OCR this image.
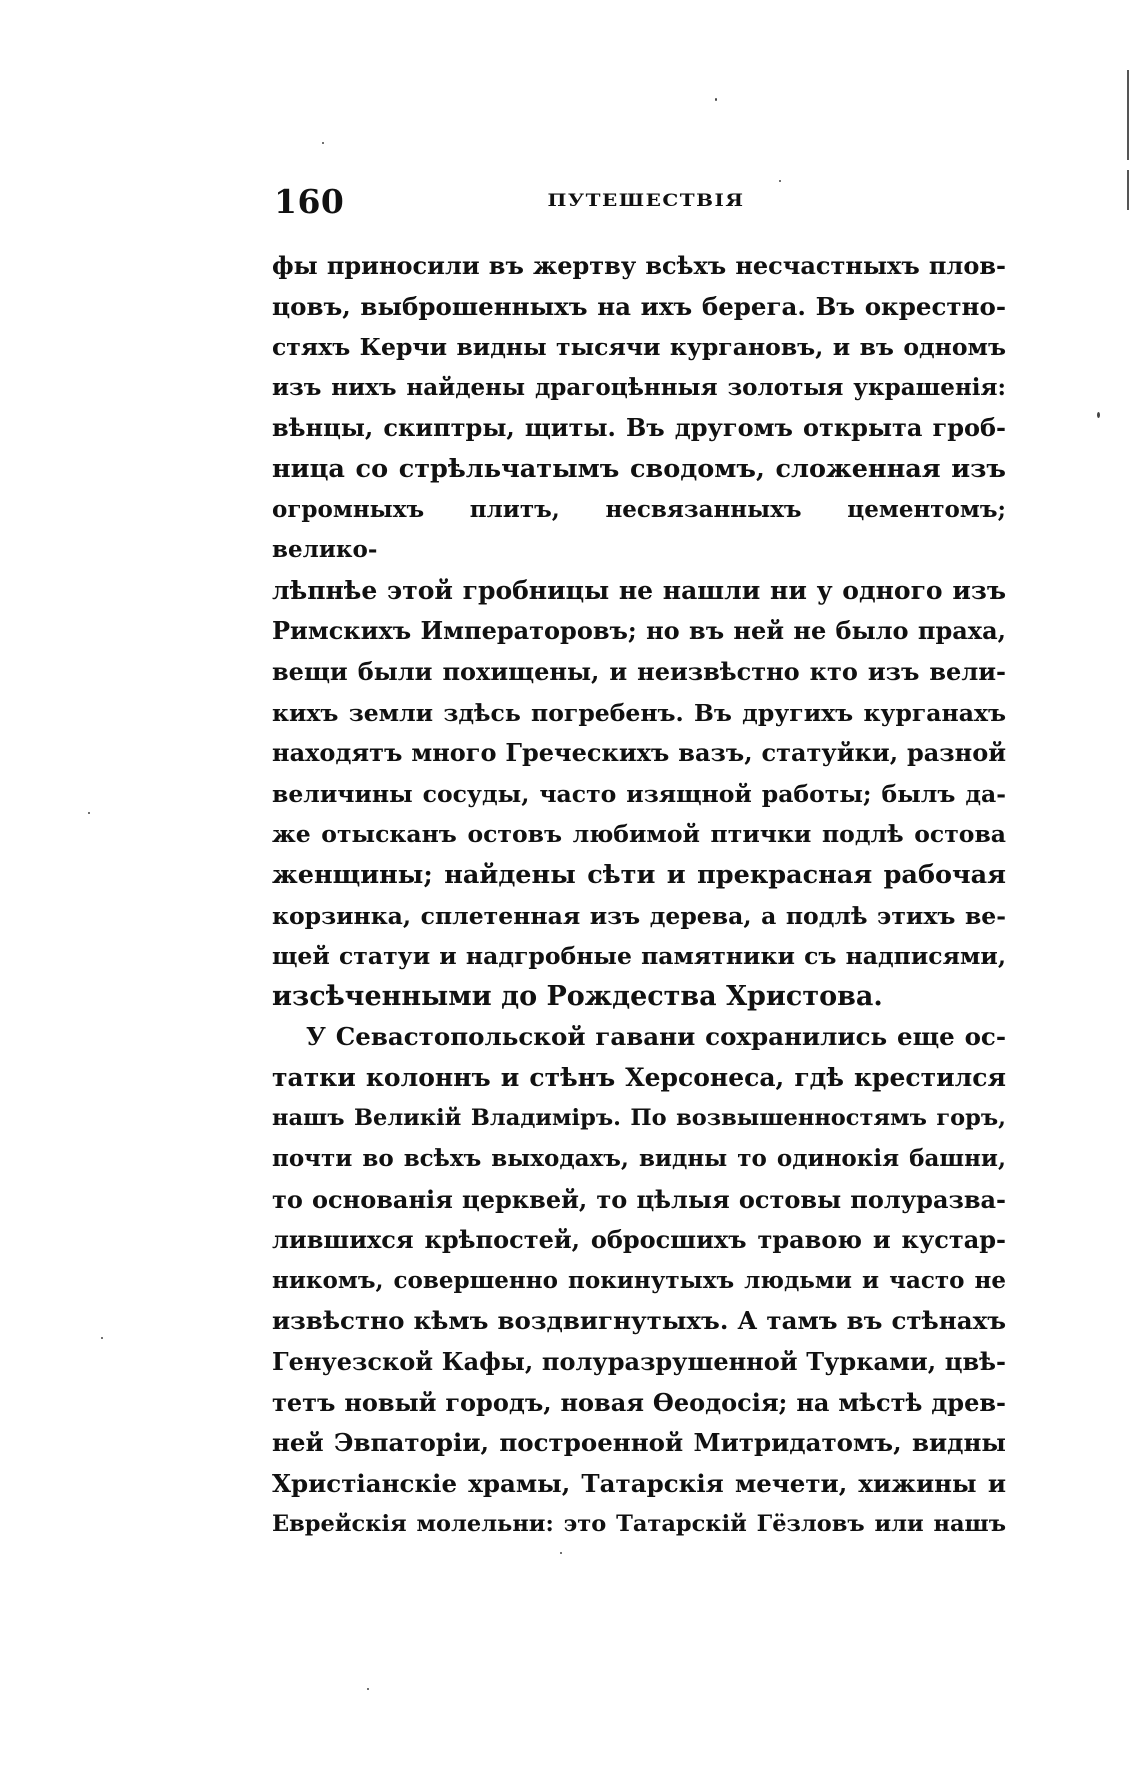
160	ПУТЕШЕСТВІЯ
фы приносили въ жертву всѣхъ несчастныхъ плов-
цовъ, выброшенныхъ на ихъ берега. Въ окрестно-
стяхъ Керчи видны тысячи кургановъ, и въ одномъ
изъ нихъ найдены драгоцѣнныя золотыя украшенія:
вѣнцы, скиптры, щиты. Въ другомъ открыта гроб-
ница со стрѣльчатымъ сводомъ, сложенная изъ
огромныхъ плитъ, несвязанныхъ цементомъ; велико-
лѣпнѣе этой гробницы не нашли ни у одного изъ
Римскихъ Императоровъ; но въ ней не было праха,
вещи были похищены, и неизвѣстно кто изъ вели-
кихъ земли здѣсь погребенъ. Въ другихъ курганахъ
находятъ много Греческихъ вазъ, статуйки, разной
величины сосуды, часто изящной работы; былъ да-
же отысканъ остовъ любимой птички подлѣ остова
женщины; найдены сѣти и прекрасная рабочая
корзинка, сплетенная изъ дерева, а подлѣ этихъ ве-
щей статуи и надгробные памятники съ надписями,
изсѣченными до Рождества Христова.
У Севастопольской гавани сохранились еще ос-
татки колоннъ и стѣнъ Херсонеса, гдѣ крестился
нашъ Великій Владиміръ. По возвышенностямъ горъ,
почти во всѣхъ выходахъ, видны то одинокія башни,
то основанія церквей, то цѣлыя остовы полуразва-
лившихся крѣпостей, обросшихъ травою и кустар-
никомъ, совершенно покинутыхъ людьми и часто не
извѣстно кѣмъ воздвигнутыхъ. А тамъ въ стѣнахъ
Генуезской Кафы, полуразрушенной Турками, цвѣ-
тетъ новый городъ, новая Ѳеодосія; на мѣстѣ древ-
ней Эвпаторіи, построенной Митридатомъ, видны
Христіанскіе храмы, Татарскія мечети, хижины и
Еврейскія молельни: это Татарскій Гёзловъ или нашъ
